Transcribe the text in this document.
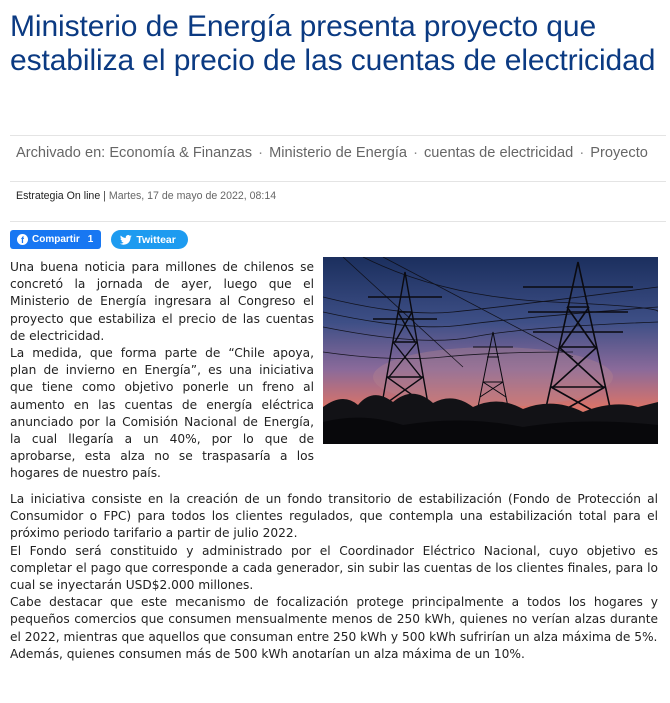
Ministerio de Energía presenta proyecto que estabiliza el precio de las cuentas de electricidad
Archivado en: Economía & Finanzas · Ministerio de Energía · cuentas de electricidad · Proyecto
Estrategia On line | Martes, 17 de mayo de 2022, 08:14
f Compartir 1	Twittear

Una buena noticia para millones de chilenos se concretó la jornada de ayer, luego que el Ministerio de Energía ingresara al Congreso el proyecto que estabiliza el precio de las cuentas de electricidad.

La medida, que forma parte de “Chile apoya, plan de invierno en Energía”, es una iniciativa que tiene como objetivo ponerle un freno al aumento en las cuentas de energía eléctrica anunciado por la Comisión Nacional de Energía, la cual llegaría a un 40%, por lo que de aprobarse, esta alza no se traspasaría a los hogares de nuestro país.

La iniciativa consiste en la creación de un fondo transitorio de estabilización (Fondo de Protección al Consumidor o FPC) para todos los clientes regulados, que contempla una estabilización total para el próximo periodo tarifario a partir de julio 2022.

El Fondo será constituido y administrado por el Coordinador Eléctrico Nacional, cuyo objetivo es completar el pago que corresponde a cada generador, sin subir las cuentas de los clientes finales, para lo cual se inyectarán USD$2.000 millones.

Cabe destacar que este mecanismo de focalización protege principalmente a todos los hogares y pequeños comercios que consumen mensualmente menos de 250 kWh, quienes no verían alzas durante el 2022, mientras que aquellos que consuman entre 250 kWh y 500 kWh sufrirían un alza máxima de 5%.

Además, quienes consumen más de 500 kWh anotarían un alza máxima de un 10%.
